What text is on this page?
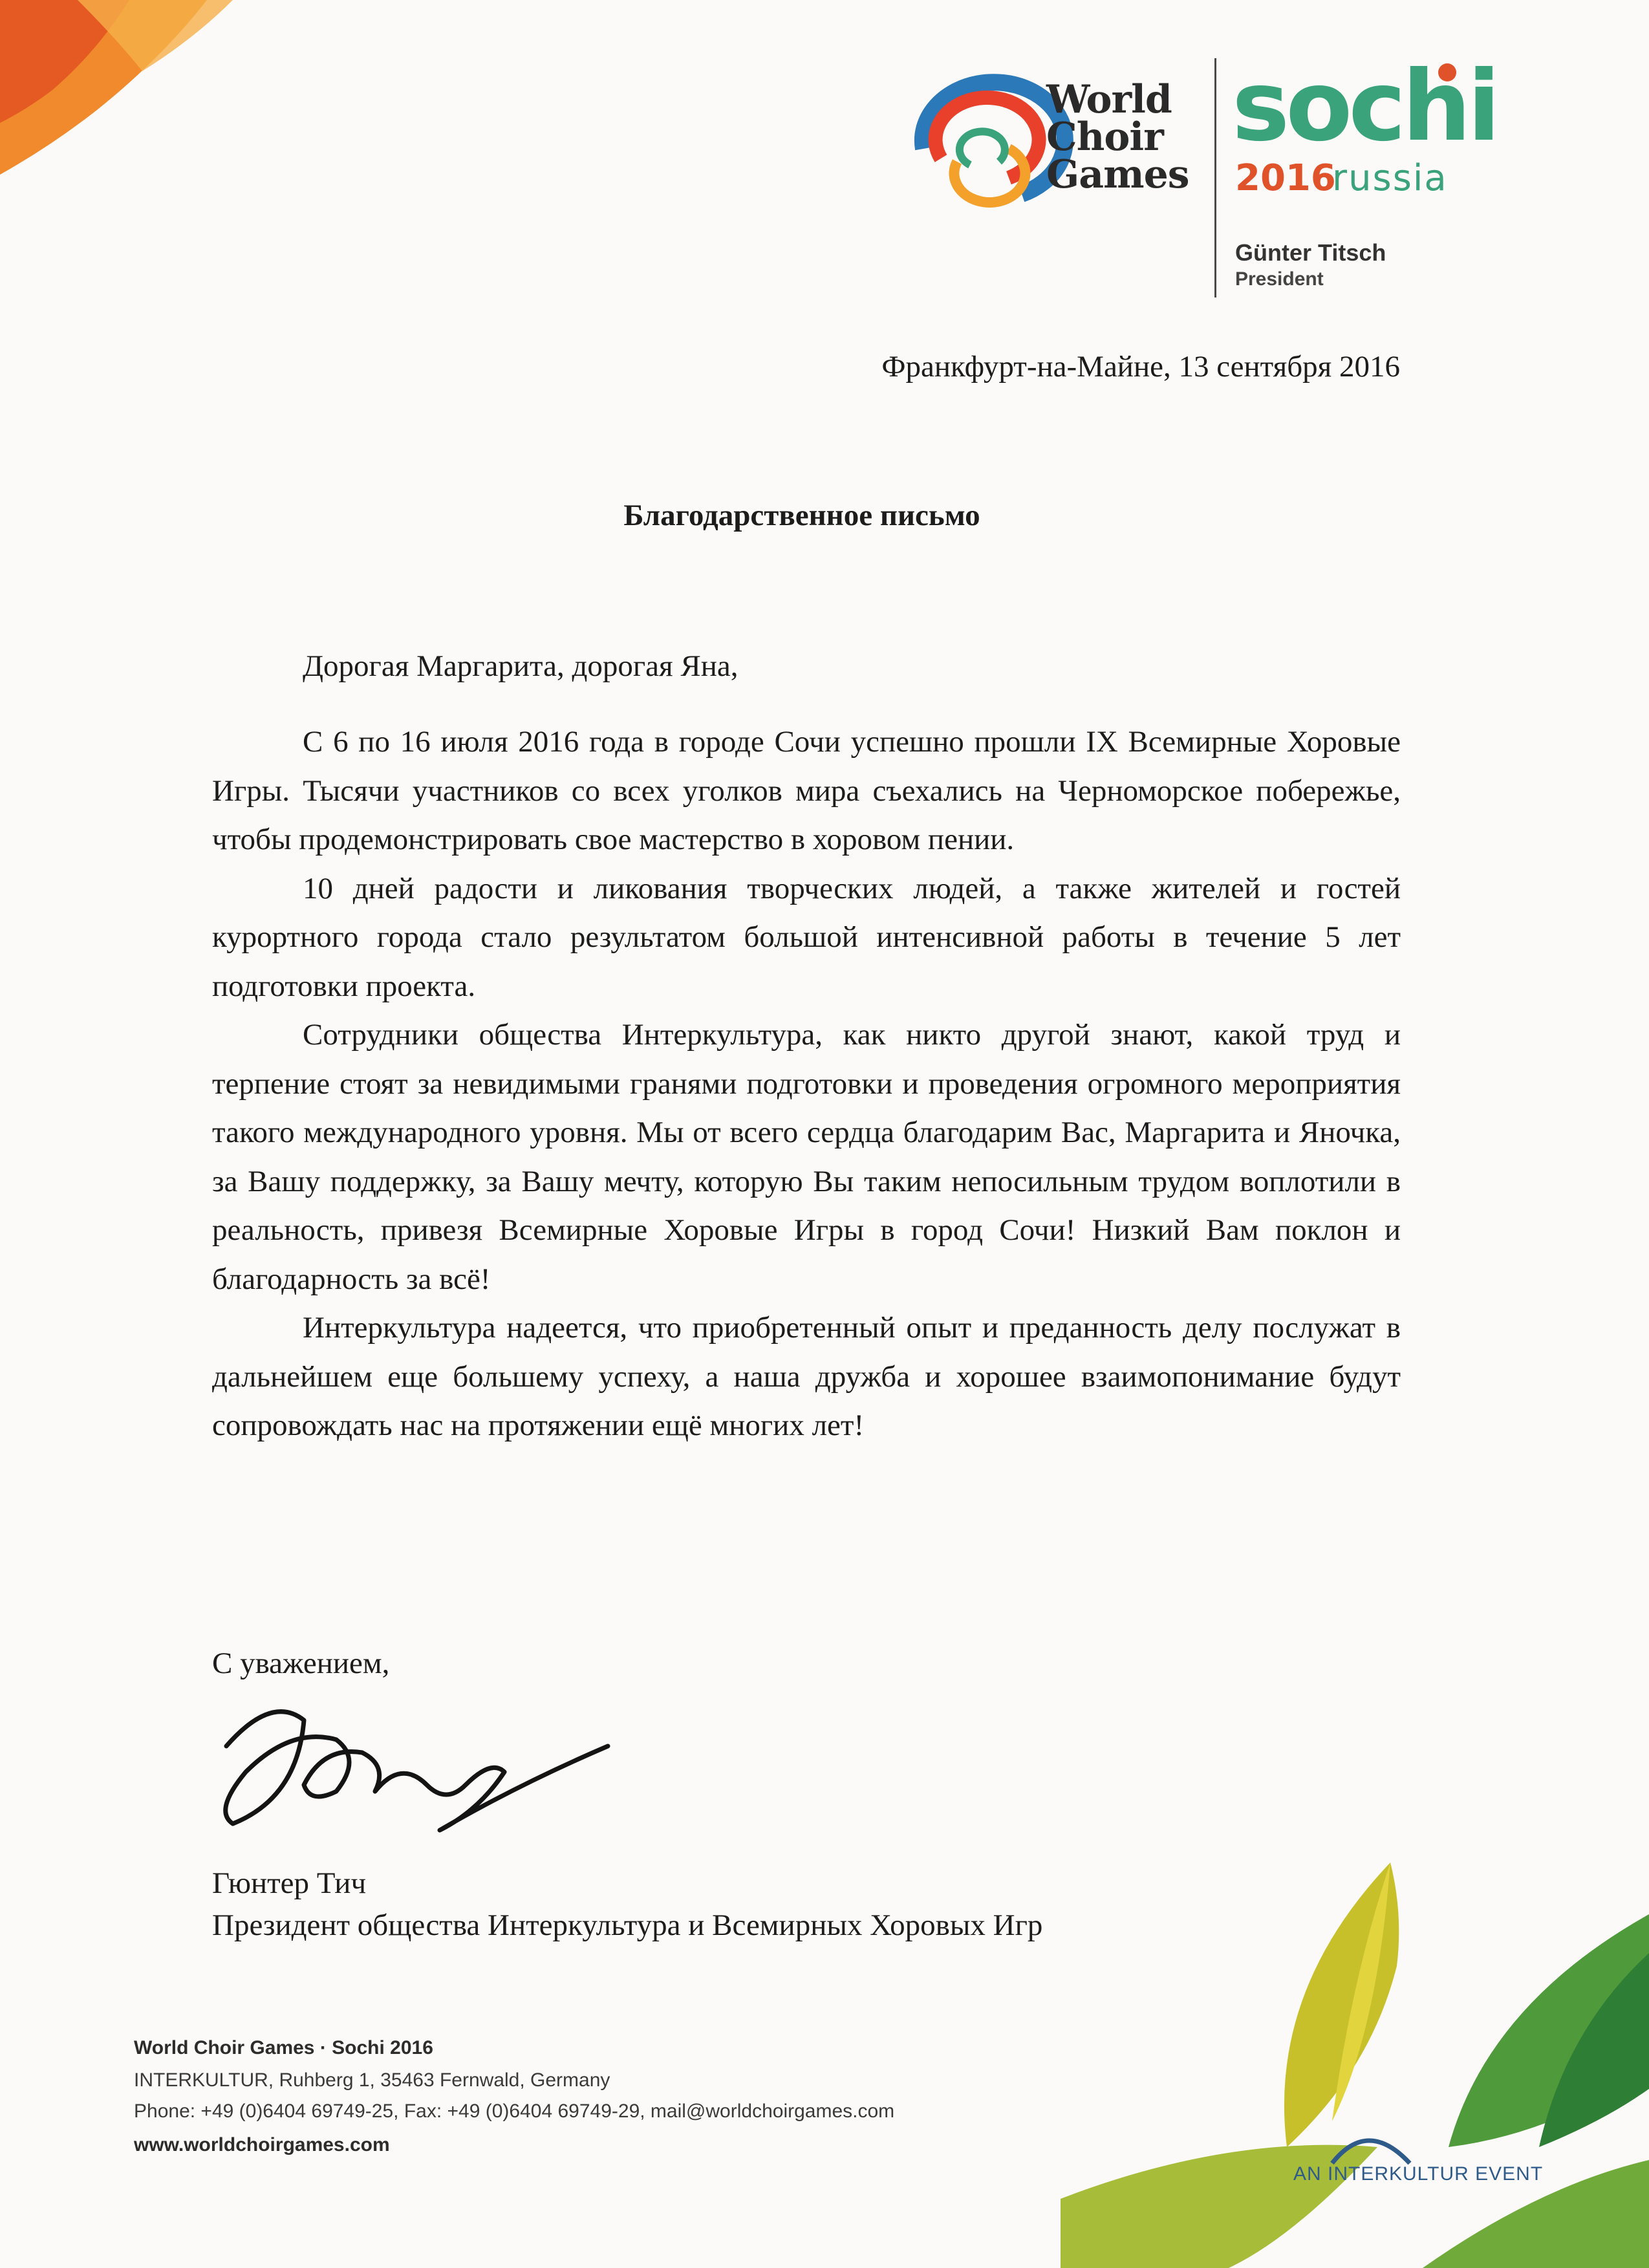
World Choir Games
sochi
2016
russia
Günter Titsch
President
Франкфурт-на-Майне, 13 сентября 2016
Благодарственное письмо
Дорогая Маргарита, дорогая Яна,

С 6 по 16 июля 2016 года в городе Сочи успешно прошли IX Всемирные Хоровые Игры. Тысячи участников со всех уголков мира съехались на Черноморское побережье, чтобы продемонстрировать свое мастерство в хоровом пении.

10 дней радости и ликования творческих людей, а также жителей и гостей курортного города стало результатом большой интенсивной работы в течение 5 лет подготовки проекта.

Сотрудники общества Интеркультура, как никто другой знают, какой труд и терпение стоят за невидимыми гранями подготовки и проведения огромного мероприятия такого международного уровня. Мы от всего сердца благодарим Вас, Маргарита и Яночка, за Вашу поддержку, за Вашу мечту, которую Вы таким непосильным трудом воплотили в реальность, привезя Всемирные Хоровые Игры в город Сочи! Низкий Вам поклон и благодарность за всё!

Интеркультура надеется, что приобретенный опыт и преданность делу послужат в дальнейшем еще большему успеху, а наша дружба и хорошее взаимопонимание будут сопровождать нас на протяжении ещё многих лет!

С уважением,
Гюнтер Тич
Президент общества Интеркультура и Всемирных Хоровых Игр
World Choir Games · Sochi 2016
INTERKULTUR, Ruhberg 1, 35463 Fernwald, Germany
Phone: +49 (0)6404 69749-25, Fax: +49 (0)6404 69749-29, mail@worldchoirgames.com
www.worldchoirgames.com
AN INTERKULTUR EVENT
